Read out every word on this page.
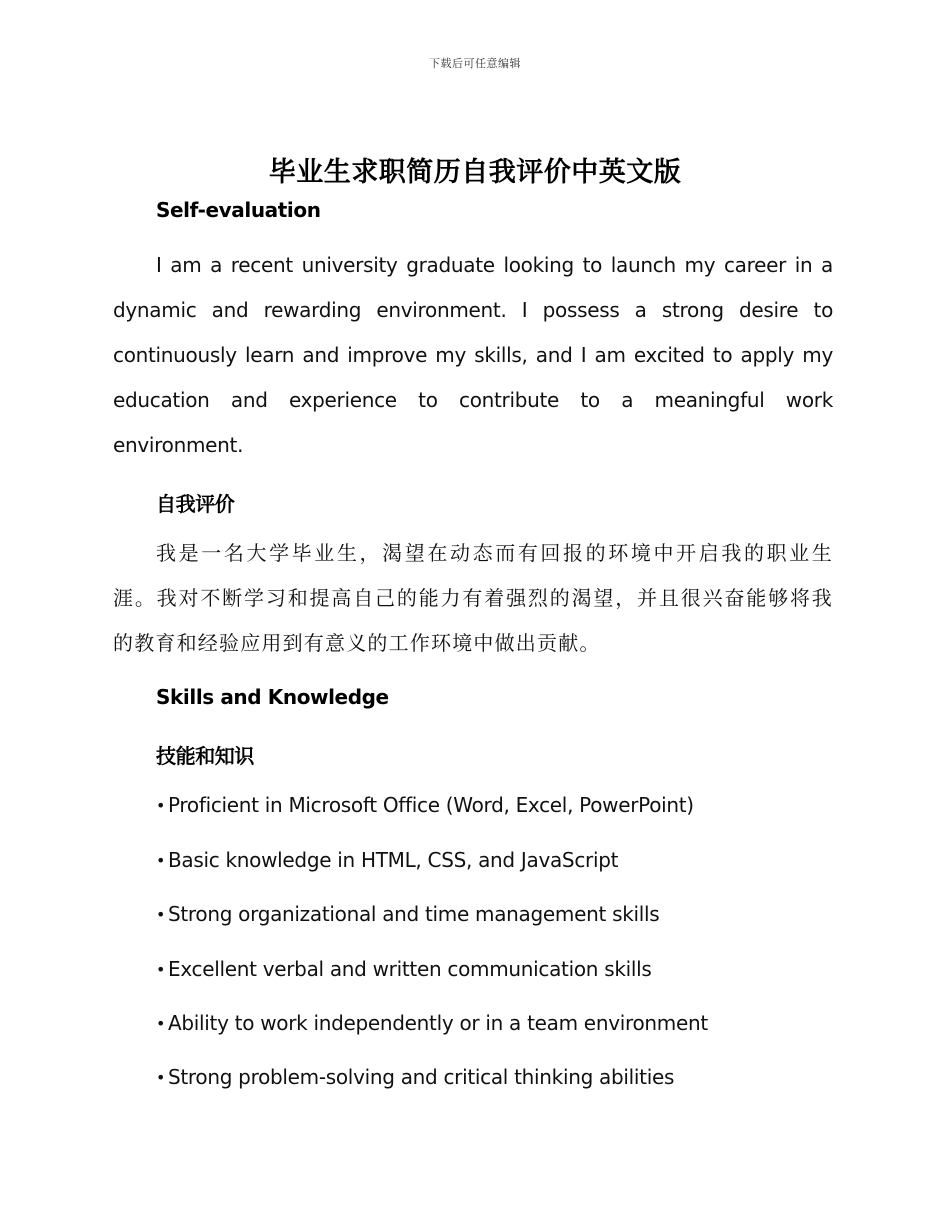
下载后可任意编辑
毕业生求职简历自我评价中英文版
Self-evaluation

I am a recent university graduate looking to launch my career in a dynamic and rewarding environment. I possess a strong desire to continuously learn and improve my skills, and I am excited to apply my education and experience to contribute to a meaningful work environment.

自我评价

我是一名大学毕业生，渴望在动态而有回报的环境中开启我的职业生涯。我对不断学习和提高自己的能力有着强烈的渴望，并且很兴奋能够将我的教育和经验应用到有意义的工作环境中做出贡献。

Skills and Knowledge
技能和知识
• Proficient in Microsoft Office (Word, Excel, PowerPoint)
• Basic knowledge in HTML, CSS, and JavaScript
• Strong organizational and time management skills
• Excellent verbal and written communication skills
• Ability to work independently or in a team environment
• Strong problem-solving and critical thinking abilities
